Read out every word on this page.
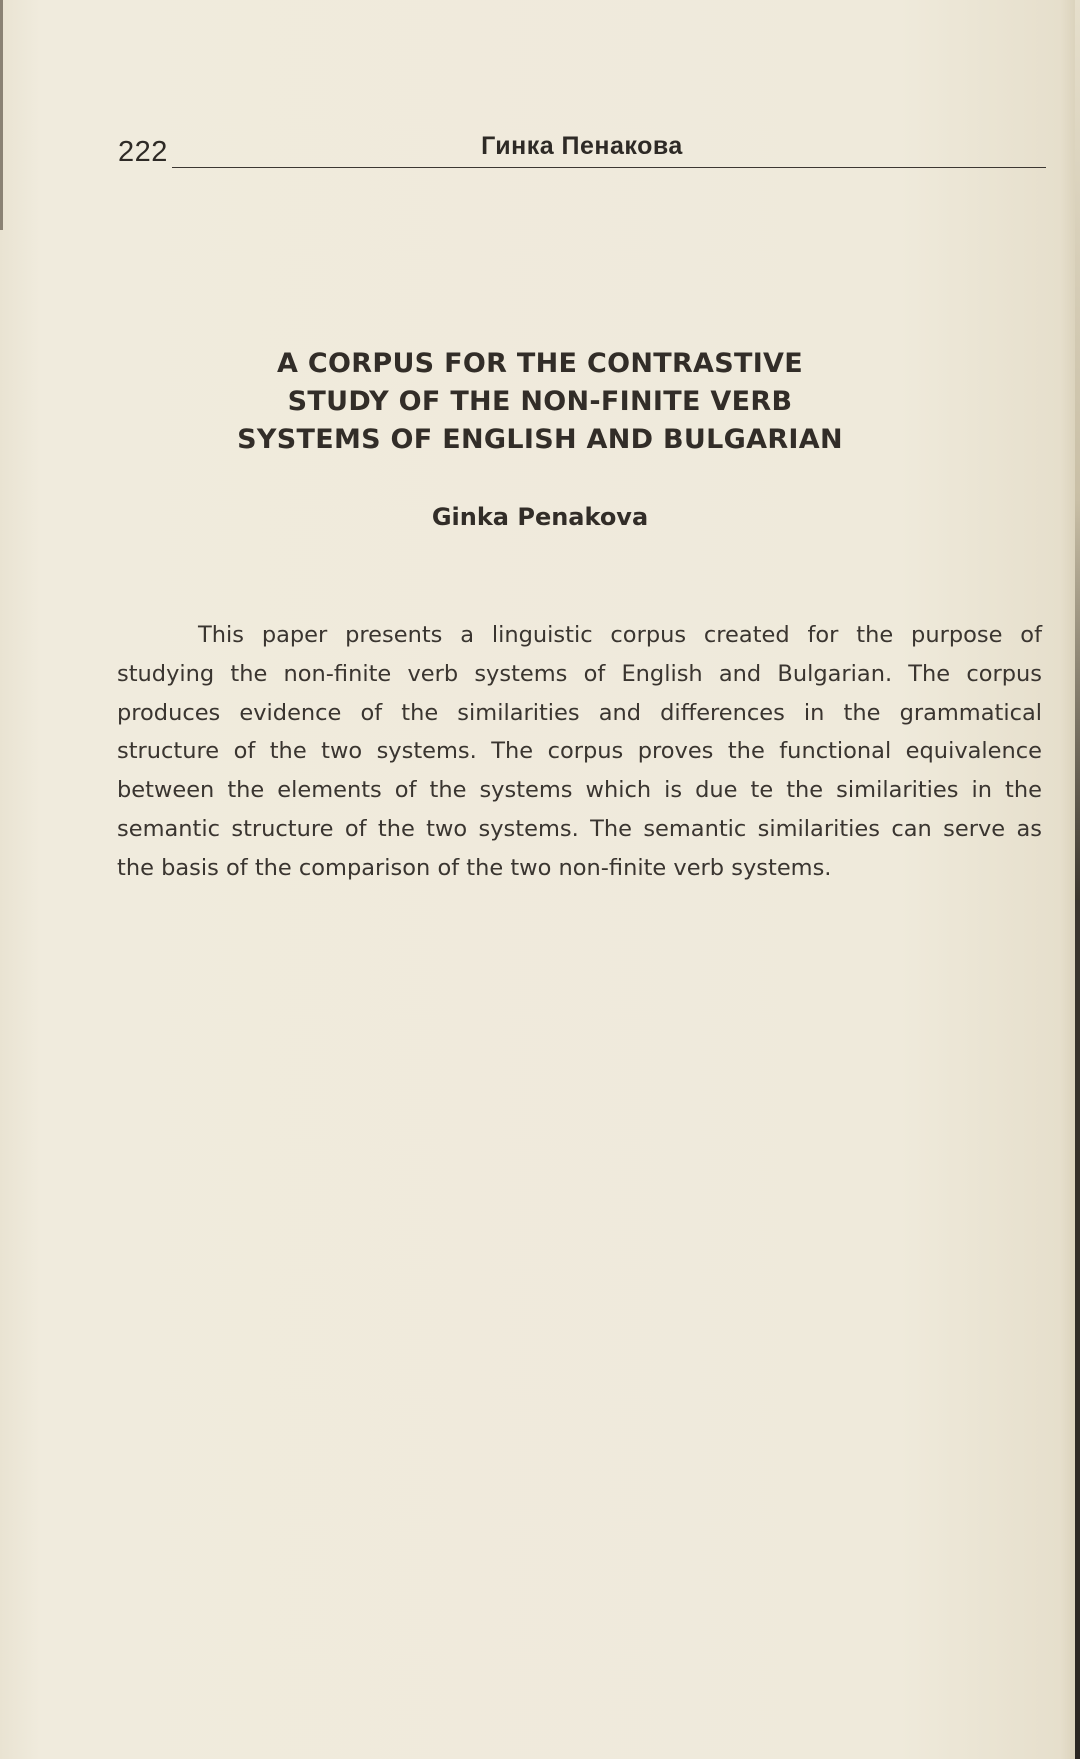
222	Гинка Пенакова
A CORPUS FOR THE CONTRASTIVE
STUDY OF THE NON-FINITE VERB
SYSTEMS OF ENGLISH AND BULGARIAN
Ginka Penakova
This paper presents a linguistic corpus created for the purpose of
studying the non-finite verb systems of English and Bulgarian. The corpus
produces evidence of the similarities and differences in the grammatical
structure of the two systems. The corpus proves the functional equivalence
between the elements of the systems which is due te the similarities in the
semantic structure of the two systems. The semantic similarities can serve as
the basis of the comparison of the two non-finite verb systems.
